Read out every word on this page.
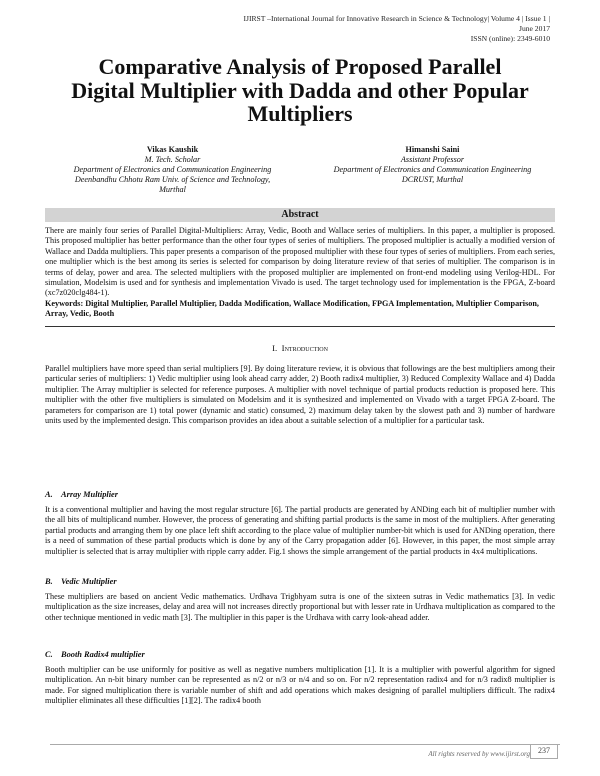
IJIRST –International Journal for Innovative Research in Science & Technology| Volume 4 | Issue 1 | June 2017
ISSN (online): 2349-6010
Comparative Analysis of Proposed Parallel
Digital Multiplier with Dadda and other Popular
Multipliers
Vikas Kaushik
M. Tech. Scholar
Department of Electronics and Communication Engineering
Deenbandhu Chhotu Ram Univ. of Science and Technology,
Murthal
Himanshi Saini
Assistant Professor
Department of Electronics and Communication Engineering
DCRUST, Murthal
Abstract

There are mainly four series of Parallel Digital-Multipliers: Array, Vedic, Booth and Wallace series of multipliers. In this paper, a multiplier is proposed. This proposed multiplier has better performance than the other four types of series of multipliers. The proposed multiplier is actually a modified version of Wallace and Dadda multipliers. This paper presents a comparison of the proposed multiplier with these four types of series of multipliers. From each series, one multiplier which is the best among its series is selected for comparison by doing literature review of that series of multiplier. The comparison is in terms of delay, power and area. The selected multipliers with the proposed multiplier are implemented on front-end modeling using Verilog-HDL. For simulation, Modelsim is used and for synthesis and implementation Vivado is used. The target technology used for implementation is the FPGA, Z-board (xc7z020clg484-1).

Keywords: Digital Multiplier, Parallel Multiplier, Dadda Modification, Wallace Modification, FPGA Implementation, Multiplier Comparison, Array, Vedic, Booth

I. Introduction

Parallel multipliers have more speed than serial multipliers [9]. By doing literature review, it is obvious that followings are the best multipliers among their particular series of multipliers: 1) Vedic multiplier using look ahead carry adder, 2) Booth radix4 multiplier, 3) Reduced Complexity Wallace and 4) Dadda multiplier. The Array multiplier is selected for reference purposes. A multiplier with novel technique of partial products reduction is proposed here. This multiplier with the other five multipliers is simulated on Modelsim and it is synthesized and implemented on Vivado with a target FPGA Z-board. The parameters for comparison are 1) total power (dynamic and static) consumed, 2) maximum delay taken by the slowest path and 3) number of hardware units used by the implemented design. This comparison provides an idea about a suitable selection of a multiplier for a particular task.

A. Array Multiplier

It is a conventional multiplier and having the most regular structure [6]. The partial products are generated by ANDing each bit of multiplier number with the all bits of multiplicand number. However, the process of generating and shifting partial products is the same in most of the multipliers. After generating partial products and arranging them by one place left shift according to the place value of multiplier number-bit which is used for ANDing operation, there is a need of summation of these partial products which is done by any of the Carry propagation adder [6]. However, in this paper, the most simple array multiplier is selected that is array multiplier with ripple carry adder. Fig.1 shows the simple arrangement of the partial products in 4x4 multiplications.

B. Vedic Multiplier

These multipliers are based on ancient Vedic mathematics. Urdhava Trigbhyam sutra is one of the sixteen sutras in Vedic mathematics [3]. In vedic multiplication as the size increases, delay and area will not increases directly proportional but with lesser rate in Urdhava multiplication as compared to the other technique mentioned in vedic math [3]. The multiplier in this paper is the Urdhava with carry look-ahead adder.

C. Booth Radix4 multiplier

Booth multiplier can be use uniformly for positive as well as negative numbers multiplication [1]. It is a multiplier with powerful algorithm for signed multiplication. An n-bit binary number can be represented as n/2 or n/3 or n/4 and so on. For n/2 representation radix4 and for n/3 radix8 multiplier is made. For signed multiplication there is variable number of shift and add operations which makes designing of parallel multipliers difficult. The radix4 multiplier eliminates all these difficulties [1][2]. The radix4 booth

All rights reserved by www.ijirst.org	237
